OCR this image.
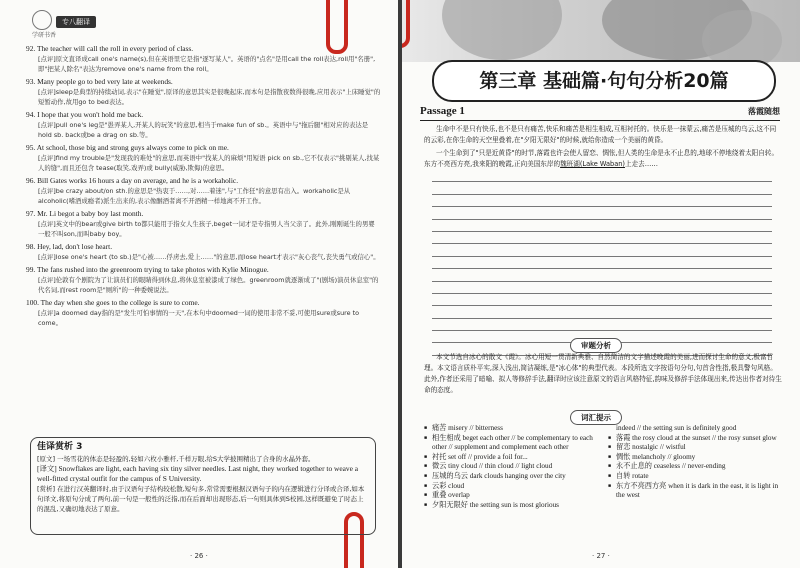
学研书香
专八翻译
92. The teacher will call the roll in every period of class.
[点评]原文直译成call one's name(s),但在英语里它是指"逐写某人"。英语的"点名"是用call the roll表达,roll用"名册",即"把某人除名"表达为remove one's name from the roll。
93. Many people go to bed very late at weekends.
[点评]sleep是典型的持续动词,表示"在睡觉",原译的意思其实是很晚起床,而本句是指散夜数得很晚,应用表示"上床睡觉"的短暂动作,故用go to bed表达。
94. I hope that you won't hold me back.
[点评]pull one's leg是"愚弄某人,开某人的玩笑"的意思,相当于make fun of sb.。英语中与"拖后腿"相对应的表达是 hold sb. back或be a drag on sb.等。
95. At school, those big and strong guys always come to pick on me.
[点评]find my trouble是"发现我的难处"的意思,而英语中"找某人的麻烦"用短语 pick on sb.,它不仅表示"挑剔某人,找某人的缝",而且还包含 tease(取笑,戏弄)或 bully(威胁,欺侮)的意思。
96. Bill Gates works 16 hours a day on average, and he is a workaholic.
[点评]be crazy about/on sth.的意思是"热衷于……,对……着迷",与"工作狂"的意思有出入。workaholic是从alcoholic(嗜酒成瘾者)派生出来的,表示像酗酒者离不开酒精一样地离不开工作。
97. Mr. Li begot a baby boy last month.
[点评]英文中的bear或give birth to都只能用于指女人生孩子,beget一词才是专指男人当父亲了。此外,刚刚诞生的男婴一般不叫son,而叫baby boy。
98. Hey, lad, don't lose heart.
[点评]lose one's heart (to sb.)是"心被……俘虏去,爱上……"的意思,而lose heart才表示"灰心丧气,丧失勇气或信心"。
99. The fans rushed into the greenroom trying to take photos with Kylie Minogue.
[点评]伦敦有个剧院为了让演员们的眼睛得到休息,将休息室被漆成了绿色。greenroom就逐渐成了"(剧场)演员休息室"的代名词,而rest room是"厕所"的一种委婉说法。
100. The day when she goes to the college is sure to come.
[点评]a doomed day指的是"发生可怕事情的一天",在本句中doomed一词的使用非常不妥,可使用sure或sure to come。
佳译赏析 3
[原文] 一场雪花的体态是轻盈的,轻如六枚小雅杆,千样万眼,给S大学披围精出了合身的水晶外套。
[译文] Snowflakes are light, each having six tiny silver needles. Last night, they worked together to weave a well-fitted crystal outfit for the campus of S University.
[赏析] 在进行汉英翻译时,由于汉语句子结构较松散,短句多,常常需要根据汉语句子的内在逻辑进行分译或合译,如本句译文,将原句分成了两句,前一句是一般性的泛指,而在后面却出现形态,后一句则具体到S校园,这样既避免了时态上的混乱,又确切地表达了原意。
· 26 ·
第三章 基础篇·句句分析20篇
Passage 1	落霞随想

生命中不是只有快乐,也不是只有痛苦,快乐和痛苦是相生相成,互相衬托的。快乐是一抹蒙云,痛苦是压城的乌云,这不同的云彩,在你生命的天空里叠着,在"夕阳无限好"的时候,就给你造成一个美丽的黄昏。

一个生命到了"只是近黄昏"的时节,落霞也许会使人留恋、惆怅,但人类的生命是永不止息的,地球不停地绕着太阳自转。东方不亮西方亮,我来阳的晚霞,正向美国东岸的魏班湖(Lake Waban)上走去……

审题分析
本文节选自冰心的散文《霞》。冰心用短一贯清新典雅、自然简洁的文字描述晚霞的美丽,进而探讨生命的意义,极富哲理。本文语言质朴平实,深入浅出,简洁凝练,是"冰心体"的典型代表。本段所选文字按语句分句,句首含性指,极具警句风格。此外,作者还采用了暗喻、拟人等修辞手法,翻译时应该注意原文的语言风格特征,韵味及修辞手法体现出来,传达出作者对待生命的态度。
词汇提示
■ 痛苦 misery // bitterness
■ 相生相成 beget each other // be complementary to each other // supplement and complement each other
■ 衬托 set off // provide a foil for...
■ 微云 tiny cloud // thin cloud // light cloud
■ 压城的乌云 dark clouds hanging over the city
■ 云彩 cloud
■ 重叠 overlap
■ 夕阳无限好 the setting sun is most glorious
indeed // the setting sun is definitely good
■ 落霞 the rosy cloud at the sunset // the rosy sunset glow
■ 留恋 nostalgic // wistful
■ 惆怅 melancholy // gloomy
■ 永不止息的 ceaseless // never-ending
■ 自转 rotate
■ 东方不亮西方亮 when it is dark in the east, it is light in the west
· 27 ·
